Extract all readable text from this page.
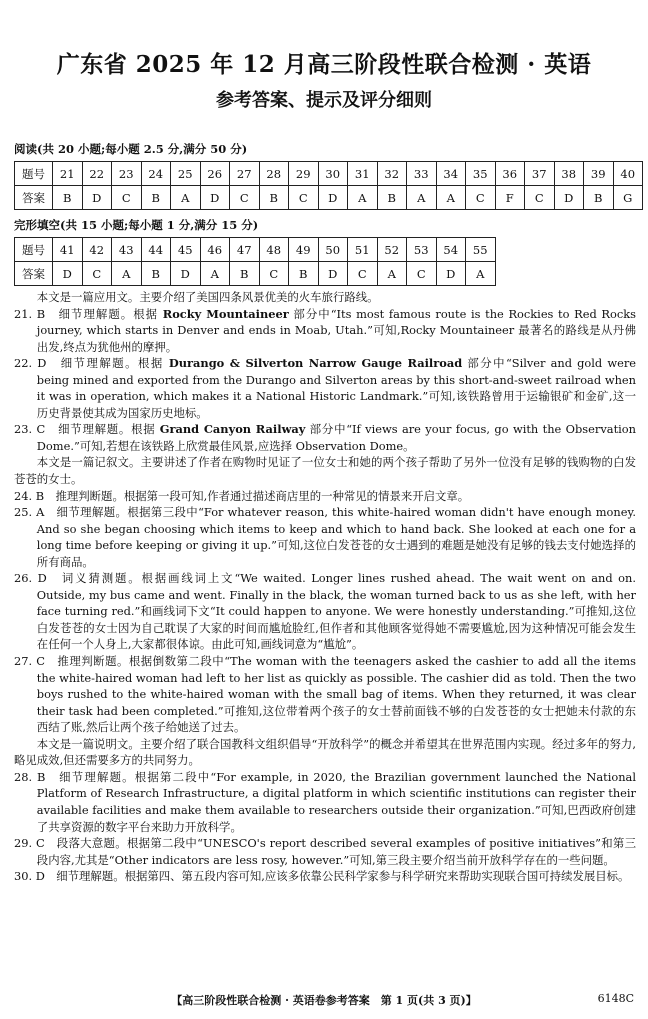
广东省 2025 年 12 月高三阶段性联合检测 · 英语
参考答案、提示及评分细则
阅读(共 20 小题;每小题 2.5 分,满分 50 分)
题号	21	22	23	24	25	26	27	28	29	30	31	32	33	34	35	36	37	38	39	40
答案	B	D	C	B	A	D	C	B	C	D	A	B	A	A	C	F	C	D	B	G
完形填空(共 15 小题;每小题 1 分,满分 15 分)
题号	41	42	43	44	45	46	47	48	49	50	51	52	53	54	55
答案	D	C	A	B	D	A	B	C	B	D	C	A	C	D	A

本文是一篇应用文。主要介绍了美国四条风景优美的火车旅行路线。

21. B　细节理解题。根据 Rocky Mountaineer 部分中“Its most famous route is the Rockies to Red Rocks journey, which starts in Denver and ends in Moab, Utah.”可知,Rocky Mountaineer 最著名的路线是从丹佛出发,终点为犹他州的摩押。

22. D　细节理解题。根据 Durango & Silverton Narrow Gauge Railroad 部分中“Silver and gold were being mined and exported from the Durango and Silverton areas by this short-and-sweet railroad when it was in operation, which makes it a National Historic Landmark.”可知,该铁路曾用于运输银矿和金矿,这一历史背景使其成为国家历史地标。

23. C　细节理解题。根据 Grand Canyon Railway 部分中“If views are your focus, go with the Observation Dome.”可知,若想在该铁路上欣赏最佳风景,应选择 Observation Dome。

本文是一篇记叙文。主要讲述了作者在购物时见证了一位女士和她的两个孩子帮助了另外一位没有足够的钱购物的白发苍苍的女士。

24. B　推理判断题。根据第一段可知,作者通过描述商店里的一种常见的情景来开启文章。

25. A　细节理解题。根据第三段中“For whatever reason, this white-haired woman didn't have enough money. And so she began choosing which items to keep and which to hand back. She looked at each one for a long time before keeping or giving it up.”可知,这位白发苍苍的女士遇到的难题是她没有足够的钱去支付她选择的所有商品。

26. D　词义猜测题。根据画线词上文“We waited. Longer lines rushed ahead. The wait went on and on. Outside, my bus came and went. Finally in the black, the woman turned back to us as she left, with her face turning red.”和画线词下文“It could happen to anyone. We were honestly understanding.”可推知,这位白发苍苍的女士因为自己耽误了大家的时间而尴尬脸红,但作者和其他顾客觉得她不需要尴尬,因为这种情况可能会发生在任何一个人身上,大家都很体谅。由此可知,画线词意为“尴尬”。

27. C　推理判断题。根据倒数第二段中“The woman with the teenagers asked the cashier to add all the items the white-haired woman had left to her list as quickly as possible. The cashier did as told. Then the two boys rushed to the white-haired woman with the small bag of items. When they returned, it was clear their task had been completed.”可推知,这位带着两个孩子的女士替前面钱不够的白发苍苍的女士把她未付款的东西结了账,然后让两个孩子给她送了过去。

本文是一篇说明文。主要介绍了联合国教科文组织倡导“开放科学”的概念并希望其在世界范围内实现。经过多年的努力,略见成效,但还需要多方的共同努力。

28. B　细节理解题。根据第二段中“For example, in 2020, the Brazilian government launched the National Platform of Research Infrastructure, a digital platform in which scientific institutions can register their available facilities and make them available to researchers outside their organization.”可知,巴西政府创建了共享资源的数字平台来助力开放科学。

29. C　段落大意题。根据第二段中“UNESCO's report described several examples of positive initiatives”和第三段内容,尤其是“Other indicators are less rosy, however.”可知,第三段主要介绍当前开放科学存在的一些问题。

30. D　细节理解题。根据第四、第五段内容可知,应该多依靠公民科学家参与科学研究来帮助实现联合国可持续发展目标。

【高三阶段性联合检测 · 英语卷参考答案　第 1 页(共 3 页)】	6148C
